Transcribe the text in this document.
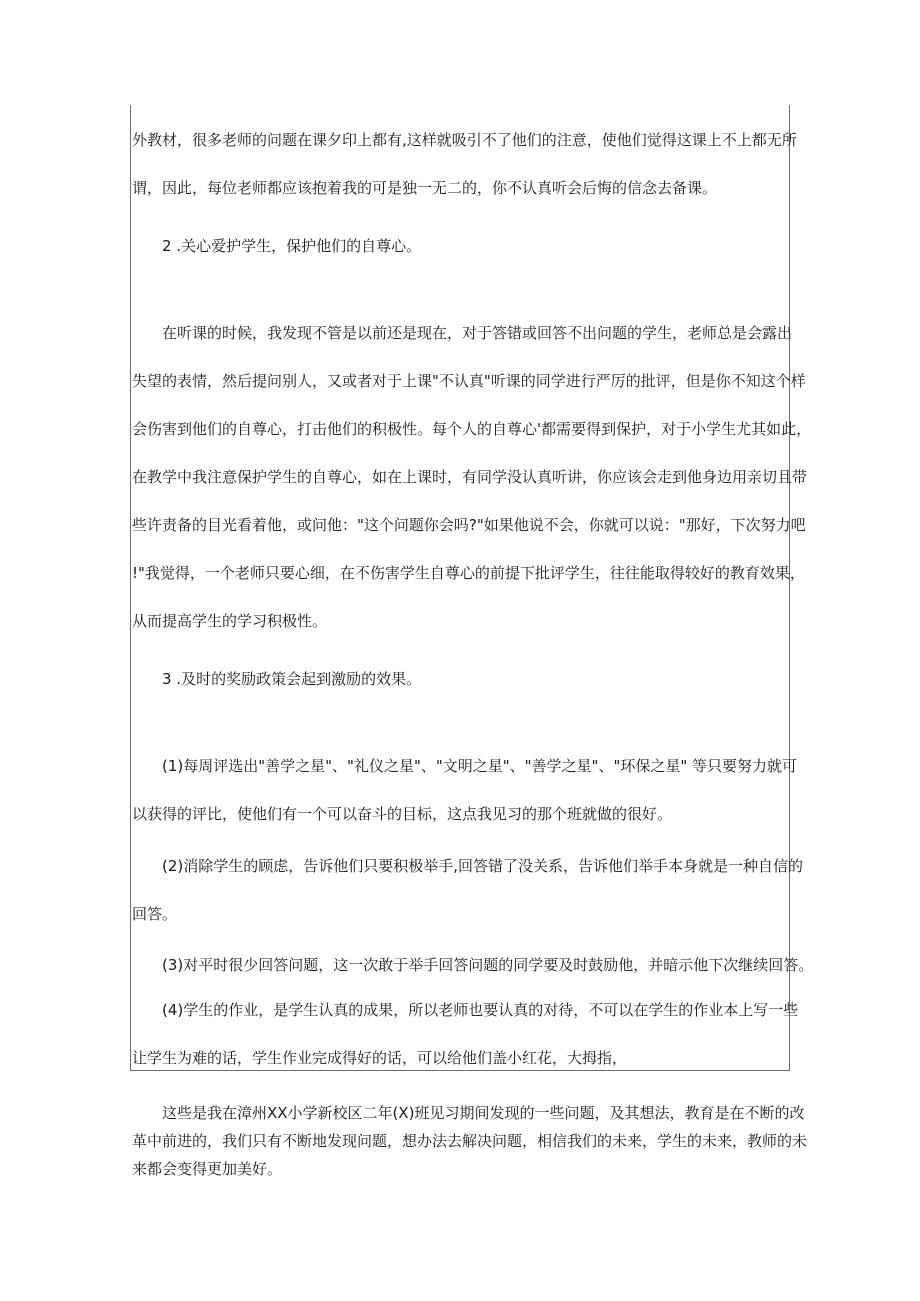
外教材，很多老师的问题在课夕印上都有,这样就吸引不了他们的注意，使他们觉得这课上不上都无所
谓，因此，每位老师都应该抱着我的可是独一无二的，你不认真听会后悔的信念去备课。
2 .关心爱护学生，保护他们的自尊心。
在听课的时候，我发现不管是以前还是现在，对于答错或回答不出问题的学生，老师总是会露出
失望的表情，然后提问别人，又或者对于上课"不认真"听课的同学进行严厉的批评，但是你不知这个样
会伤害到他们的自尊心，打击他们的积极性。每个人的自尊心'都需要得到保护，对于小学生尤其如此，
在教学中我注意保护学生的自尊心，如在上课时，有同学没认真听讲，你应该会走到他身边用亲切且带
些许责备的目光看着他，或问他："这个问题你会吗?"如果他说不会，你就可以说："那好，下次努力吧
!"我觉得，一个老师只要心细，在不伤害学生自尊心的前提下批评学生，往往能取得较好的教育效果，
从而提高学生的学习积极性。
3 .及时的奖励政策会起到激励的效果。
(1)每周评选出"善学之星"、"礼仪之星"、"文明之星"、"善学之星"、"环保之星" 等只要努力就可
以获得的评比，使他们有一个可以奋斗的目标，这点我见习的那个班就做的很好。
(2)消除学生的顾虑，告诉他们只要积极举手,回答错了没关系，告诉他们举手本身就是一种自信的
回答。
(3)对平时很少回答问题，这一次敢于举手回答问题的同学要及时鼓励他，并暗示他下次继续回答。
(4)学生的作业，是学生认真的成果，所以老师也要认真的对待，不可以在学生的作业本上写一些
让学生为难的话，学生作业完成得好的话，可以给他们盖小红花，大拇指，
这些是我在漳州XX小学新校区二年(X)班见习期间发现的一些问题，及其想法，教育是在不断的改
革中前进的，我们只有不断地发现问题，想办法去解决问题，相信我们的未来，学生的未来，教师的未
来都会变得更加美好。
